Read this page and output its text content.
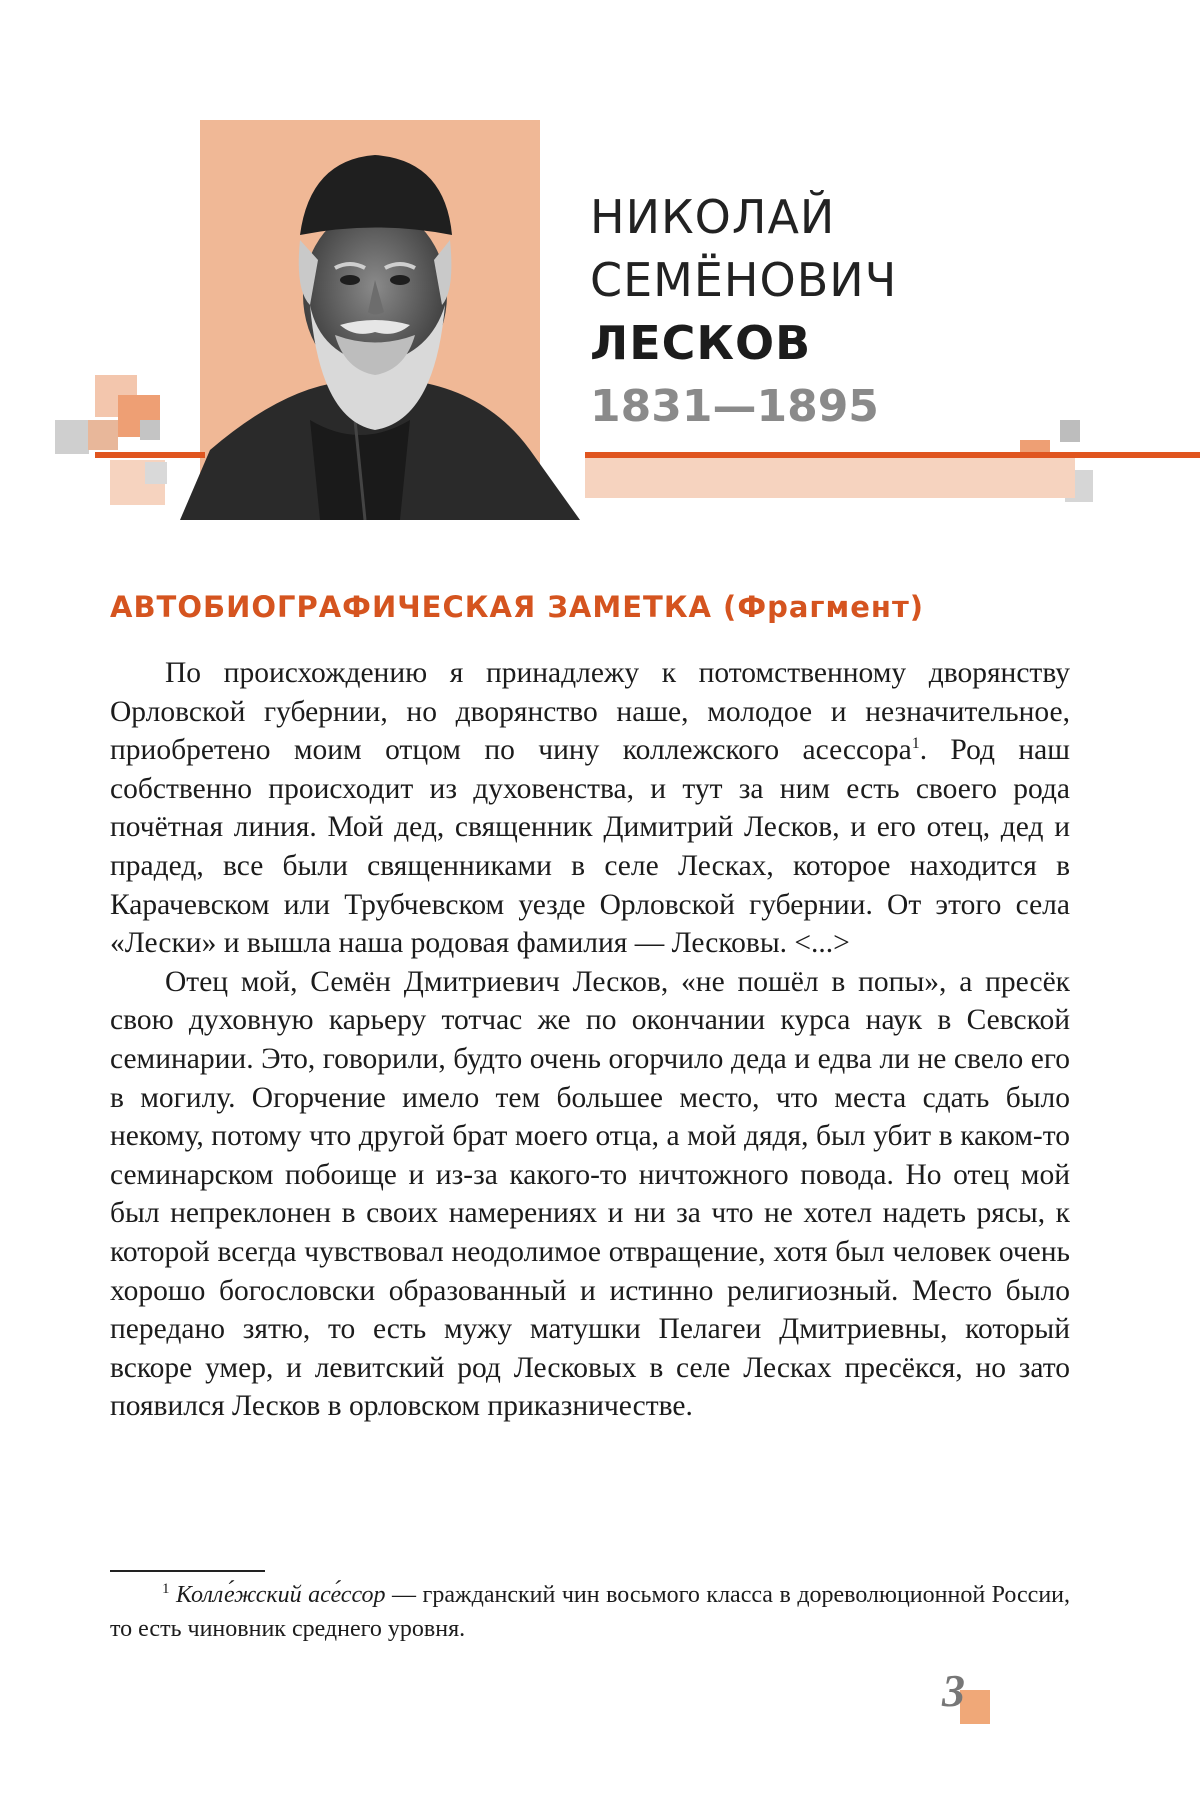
НИКОЛАЙ
СЕМЁНОВИЧ
ЛЕСКОВ
1831—1895
АВТОБИОГРАФИЧЕСКАЯ ЗАМЕТКА (Фрагмент)

По происхождению я принадлежу к потомственному дворянству Орловской губернии, но дворянство наше, молодое и незначительное, приобретено моим отцом по чину коллежского асессора$^1$. Род наш собственно происходит из духовенства, и тут за ним есть своего рода почётная линия. Мой дед, священник Димитрий Лесков, и его отец, дед и прадед, все были священниками в селе Лесках, которое находится в Карачевском или Трубчевском уезде Орловской губернии. От этого села «Лески» и вышла наша родовая фамилия — Лесковы. <...>

Отец мой, Семён Дмитриевич Лесков, «не пошёл в попы», а пресёк свою духовную карьеру тотчас же по окончании курса наук в Севской семинарии. Это, говорили, будто очень огорчило деда и едва ли не свело его в могилу. Огорчение имело тем большее место, что места сдать было некому, потому что другой брат моего отца, а мой дядя, был убит в каком-то семинарском побоище и из-за какого-то ничтожного повода. Но отец мой был непреклонен в своих намерениях и ни за что не хотел надеть рясы, к которой всегда чувствовал неодолимое отвращение, хотя был человек очень хорошо богословски образованный и истинно религиозный. Место было передано зятю, то есть мужу матушки Пелагеи Дмитриевны, который вскоре умер, и левитский род Лесковых в селе Лесках пресёкся, но зато появился Лесков в орловском приказничестве.

$^1$ Колле́жский асе́ссор — гражданский чин восьмого класса в дореволюционной России, то есть чиновник среднего уровня.
3
